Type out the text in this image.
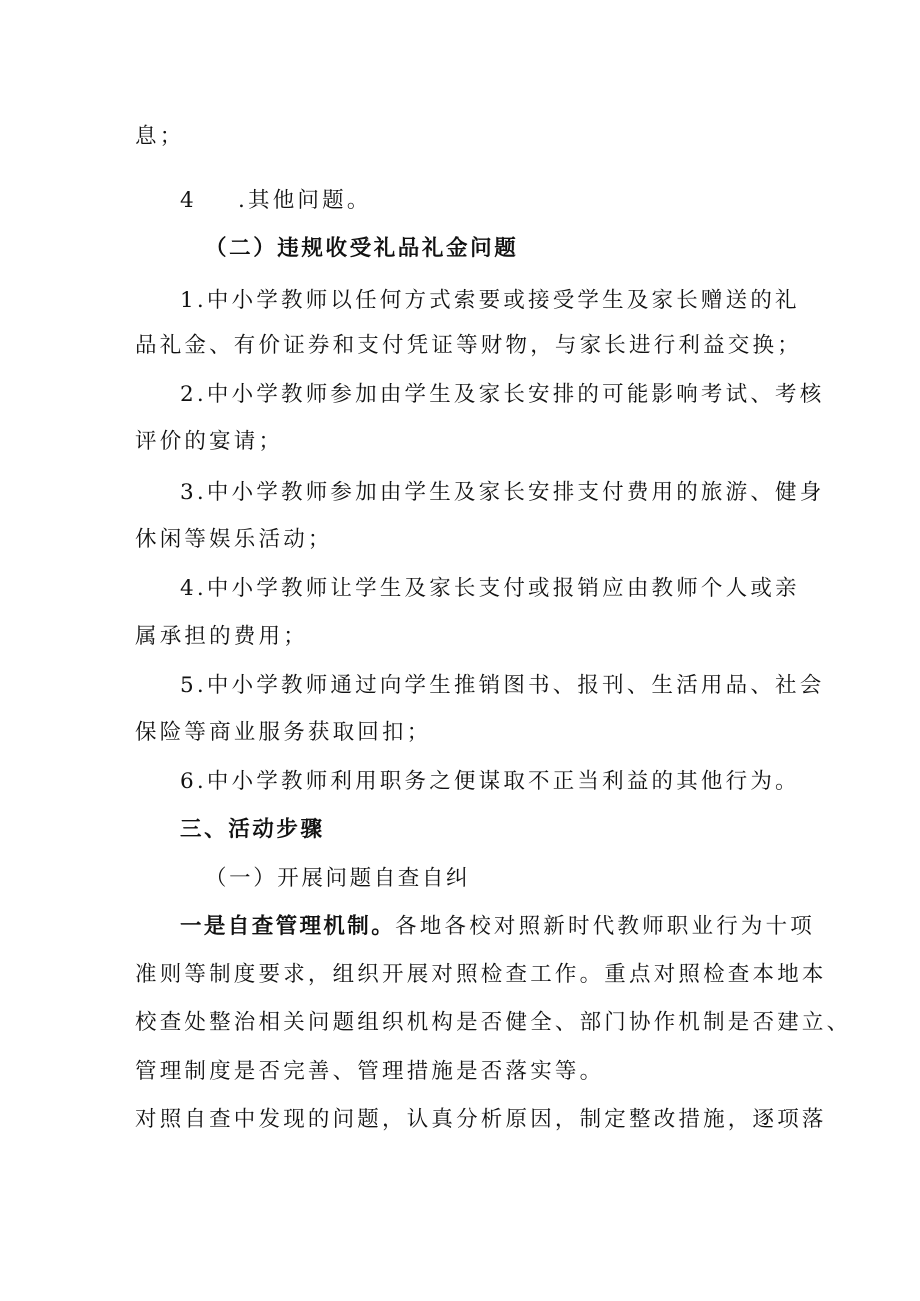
息；
4 .其他问题。
（二）违规收受礼品礼金问题
1.中小学教师以任何方式索要或接受学生及家长赠送的礼
品礼金、有价证券和支付凭证等财物，与家长进行利益交换；
2.中小学教师参加由学生及家长安排的可能影响考试、考核
评价的宴请；
3.中小学教师参加由学生及家长安排支付费用的旅游、健身
休闲等娱乐活动；
4.中小学教师让学生及家长支付或报销应由教师个人或亲
属承担的费用；
5.中小学教师通过向学生推销图书、报刊、生活用品、社会
保险等商业服务获取回扣；
6.中小学教师利用职务之便谋取不正当利益的其他行为。
三、活动步骤
（一）开展问题自查自纠
一是自查管理机制。各地各校对照新时代教师职业行为十项
准则等制度要求，组织开展对照检查工作。重点对照检查本地本
校查处整治相关问题组织机构是否健全、部门协作机制是否建立、
管理制度是否完善、管理措施是否落实等。
对照自查中发现的问题，认真分析原因，制定整改措施，逐项落
